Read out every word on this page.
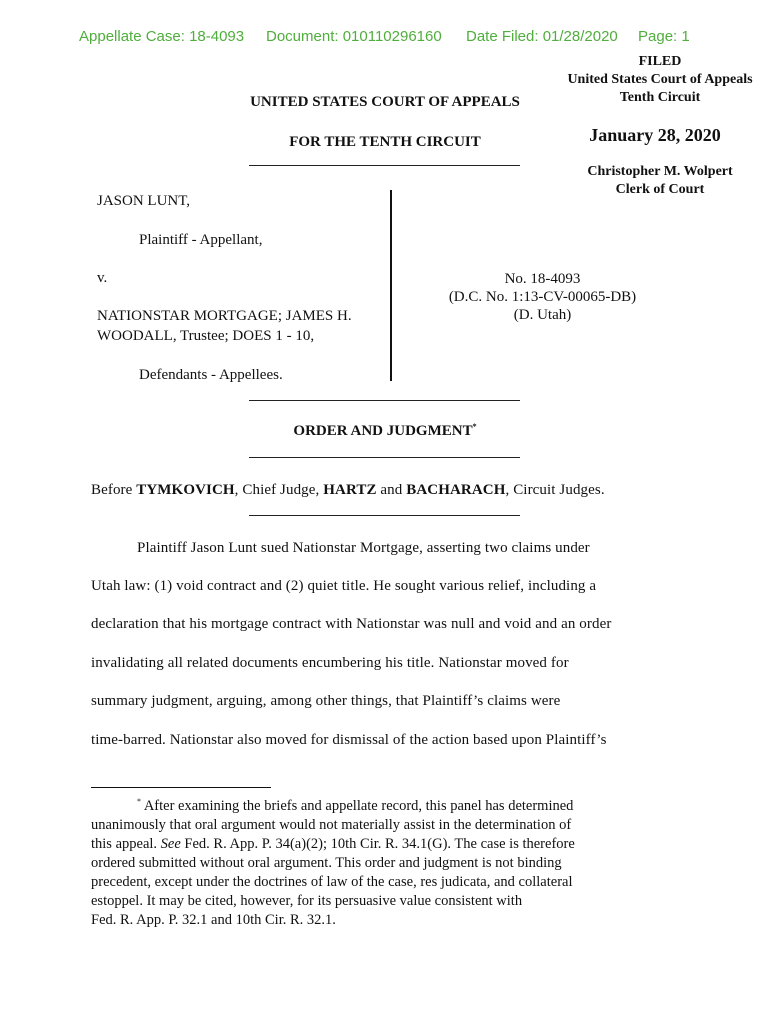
Appellate Case: 18-4093 Document: 010110296160 Date Filed: 01/28/2020 Page: 1
FILED
United States Court of Appeals
Tenth Circuit
January 28, 2020
Christopher M. Wolpert
Clerk of Court
UNITED STATES COURT OF APPEALS
FOR THE TENTH CIRCUIT
JASON LUNT,
Plaintiff - Appellant,
v.
NATIONSTAR MORTGAGE; JAMES H.
WOODALL, Trustee; DOES 1 - 10,
Defendants - Appellees.
No. 18-4093
(D.C. No. 1:13-CV-00065-DB)
(D. Utah)
ORDER AND JUDGMENT*
Before TYMKOVICH, Chief Judge, HARTZ and BACHARACH, Circuit Judges.
Plaintiff Jason Lunt sued Nationstar Mortgage, asserting two claims under
Utah law: (1) void contract and (2) quiet title. He sought various relief, including a
declaration that his mortgage contract with Nationstar was null and void and an order
invalidating all related documents encumbering his title. Nationstar moved for
summary judgment, arguing, among other things, that Plaintiff’s claims were
time-barred. Nationstar also moved for dismissal of the action based upon Plaintiff’s
* After examining the briefs and appellate record, this panel has determined
unanimously that oral argument would not materially assist in the determination of
this appeal. See Fed. R. App. P. 34(a)(2); 10th Cir. R. 34.1(G). The case is therefore
ordered submitted without oral argument. This order and judgment is not binding
precedent, except under the doctrines of law of the case, res judicata, and collateral
estoppel. It may be cited, however, for its persuasive value consistent with
Fed. R. App. P. 32.1 and 10th Cir. R. 32.1.
